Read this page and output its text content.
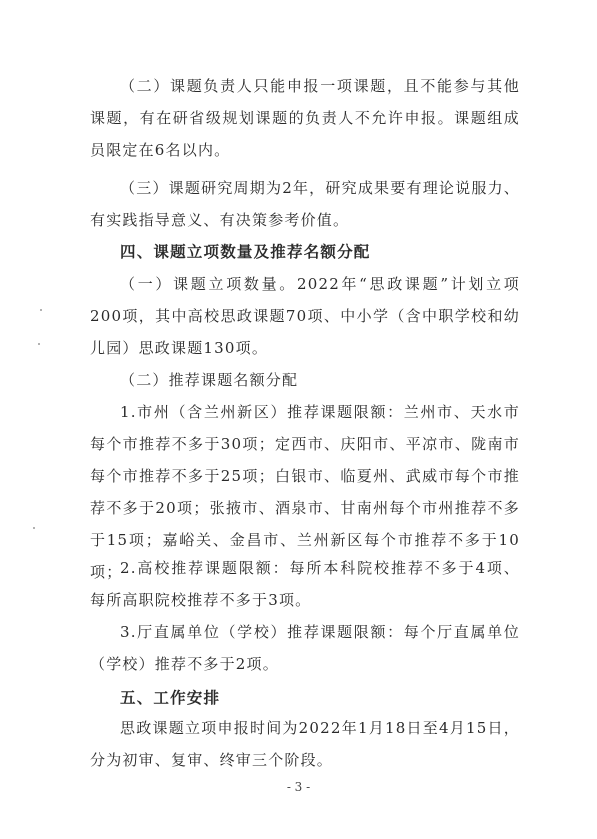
（二）课题负责人只能申报一项课题，且不能参与其他课题，有在研省级规划课题的负责人不允许申报。课题组成员限定在6名以内。

（三）课题研究周期为2年，研究成果要有理论说服力、有实践指导意义、有决策参考价值。

四、课题立项数量及推荐名额分配

（一）课题立项数量。2022年“思政课题”计划立项200项，其中高校思政课题70项、中小学（含中职学校和幼儿园）思政课题130项。

（二）推荐课题名额分配

1.市州（含兰州新区）推荐课题限额：兰州市、天水市每个市推荐不多于30项；定西市、庆阳市、平凉市、陇南市每个市推荐不多于25项；白银市、临夏州、武威市每个市推荐不多于20项；张掖市、酒泉市、甘南州每个市州推荐不多于15项；嘉峪关、金昌市、兰州新区每个市推荐不多于10项；

2.高校推荐课题限额：每所本科院校推荐不多于4项、每所高职院校推荐不多于3项。

3.厅直属单位（学校）推荐课题限额：每个厅直属单位（学校）推荐不多于2项。

五、工作安排

思政课题立项申报时间为2022年1月18日至4月15日，分为初审、复审、终审三个阶段。

- 3 -
